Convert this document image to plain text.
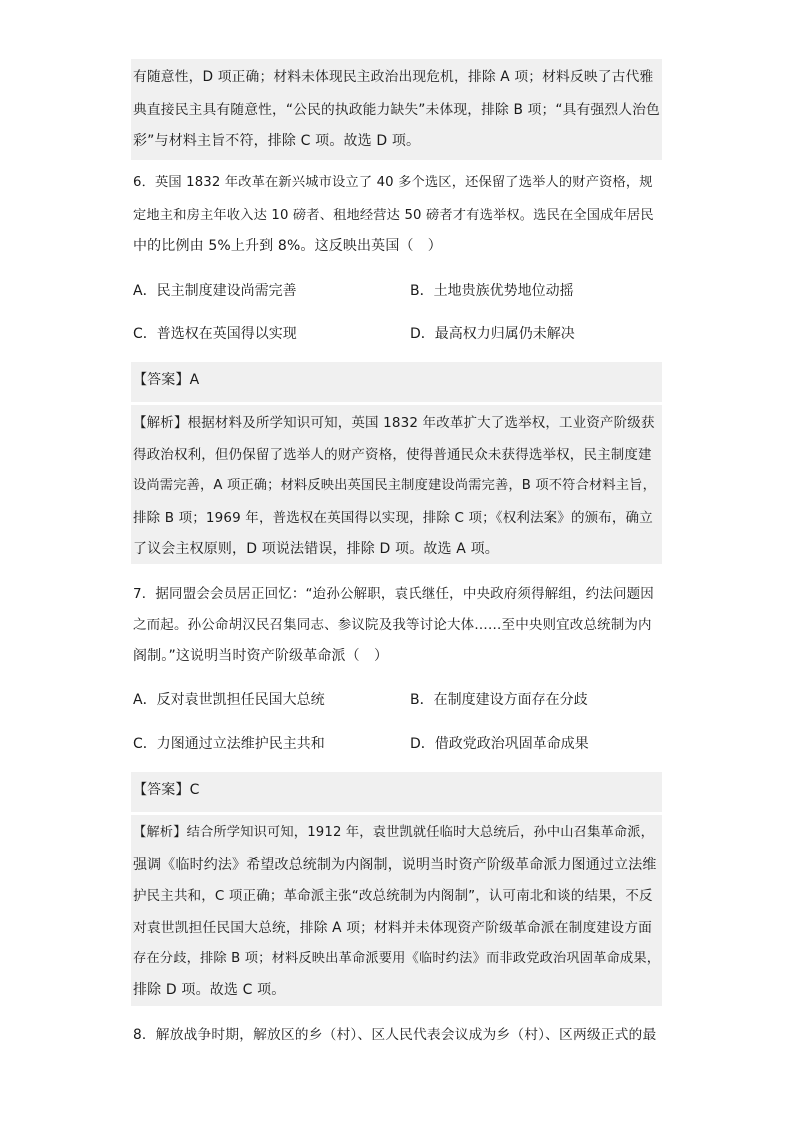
有随意性，D 项正确；材料未体现民主政治出现危机，排除 A 项；材料反映了古代雅
典直接民主具有随意性，“公民的执政能力缺失”未体现，排除 B 项；“具有强烈人治色
彩”与材料主旨不符，排除 C 项。故选 D 项。
6．英国 1832 年改革在新兴城市设立了 40 多个选区，还保留了选举人的财产资格，规
定地主和房主年收入达 10 磅者、租地经营达 50 磅者才有选举权。选民在全国成年居民
中的比例由 5%上升到 8%。这反映出英国（　）
A．民主制度建设尚需完善	B．土地贵族优势地位动摇
C．普选权在英国得以实现	D．最高权力归属仍未解决
【答案】A
【解析】根据材料及所学知识可知，英国 1832 年改革扩大了选举权，工业资产阶级获
得政治权利，但仍保留了选举人的财产资格，使得普通民众未获得选举权，民主制度建
设尚需完善，A 项正确；材料反映出英国民主制度建设尚需完善，B 项不符合材料主旨，
排除 B 项；1969 年，普选权在英国得以实现，排除 C 项；《权利法案》的颁布，确立
了议会主权原则，D 项说法错误，排除 D 项。故选 A 项。
7．据同盟会会员居正回忆：“迨孙公解职，袁氏继任，中央政府须得解组，约法问题因
之而起。孙公命胡汉民召集同志、参议院及我等讨论大体……至中央则宜改总统制为内
阁制。”这说明当时资产阶级革命派（　）
A．反对袁世凯担任民国大总统	B．在制度建设方面存在分歧
C．力图通过立法维护民主共和	D．借政党政治巩固革命成果
【答案】C
【解析】结合所学知识可知，1912 年，袁世凯就任临时大总统后，孙中山召集革命派，
强调《临时约法》希望改总统制为内阁制，说明当时资产阶级革命派力图通过立法维
护民主共和，C 项正确；革命派主张“改总统制为内阁制”，认可南北和谈的结果，不反
对袁世凯担任民国大总统，排除 A 项；材料并未体现资产阶级革命派在制度建设方面
存在分歧，排除 B 项；材料反映出革命派要用《临时约法》而非政党政治巩固革命成果，
排除 D 项。故选 C 项。
8．解放战争时期，解放区的乡（村）、区人民代表会议成为乡（村）、区两级正式的最
